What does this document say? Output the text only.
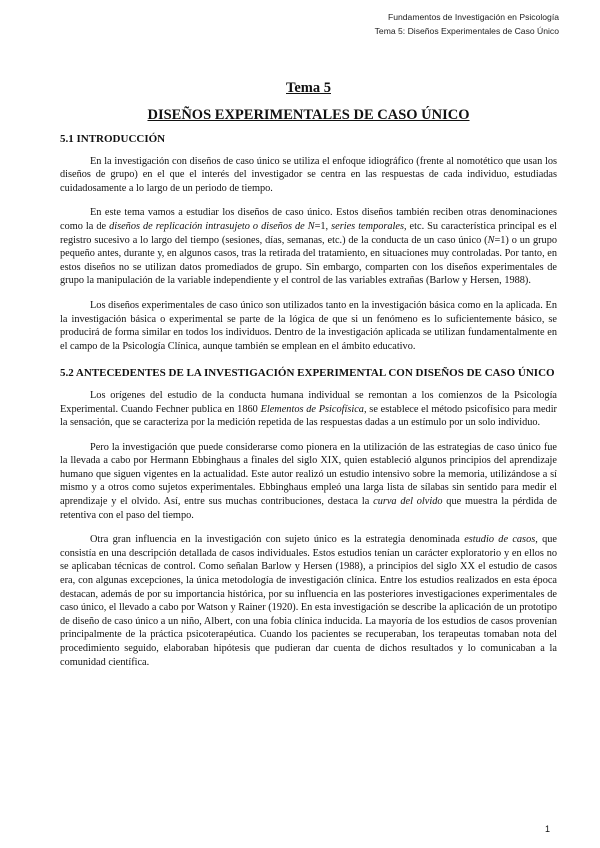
Fundamentos de Investigación en Psicología
Tema 5: Diseños Experimentales de Caso Único
Tema 5
DISEÑOS EXPERIMENTALES DE CASO ÚNICO
5.1 INTRODUCCIÓN

En la investigación con diseños de caso único se utiliza el enfoque idiográfico (frente al nomotético que usan los diseños de grupo) en el que el interés del investigador se centra en las respuestas de cada individuo, estudiadas cuidadosamente a lo largo de un periodo de tiempo.

En este tema vamos a estudiar los diseños de caso único. Estos diseños también reciben otras denominaciones como la de diseños de replicación intrasujeto o diseños de N=1, series temporales, etc. Su característica principal es el registro sucesivo a lo largo del tiempo (sesiones, días, semanas, etc.) de la conducta de un caso único (N=1) o un grupo pequeño antes, durante y, en algunos casos, tras la retirada del tratamiento, en situaciones muy controladas. Por tanto, en estos diseños no se utilizan datos promediados de grupo. Sin embargo, comparten con los diseños experimentales de grupo la manipulación de la variable independiente y el control de las variables extrañas (Barlow y Hersen, 1988).

Los diseños experimentales de caso único son utilizados tanto en la investigación básica como en la aplicada. En la investigación básica o experimental se parte de la lógica de que si un fenómeno es lo suficientemente básico, se producirá de forma similar en todos los individuos. Dentro de la investigación aplicada se utilizan fundamentalmente en el campo de la Psicología Clínica, aunque también se emplean en el ámbito educativo.

5.2 ANTECEDENTES DE LA INVESTIGACIÓN EXPERIMENTAL CON DISEÑOS DE CASO ÚNICO

Los orígenes del estudio de la conducta humana individual se remontan a los comienzos de la Psicología Experimental. Cuando Fechner publica en 1860 Elementos de Psicofísica, se establece el método psicofísico para medir la sensación, que se caracteriza por la medición repetida de las respuestas dadas a un estímulo por un solo individuo.

Pero la investigación que puede considerarse como pionera en la utilización de las estrategias de caso único fue la llevada a cabo por Hermann Ebbinghaus a finales del siglo XIX, quien estableció algunos principios del aprendizaje humano que siguen vigentes en la actualidad. Este autor realizó un estudio intensivo sobre la memoria, utilizándose a sí mismo y a otros como sujetos experimentales. Ebbinghaus empleó una larga lista de sílabas sin sentido para medir el aprendizaje y el olvido. Así, entre sus muchas contribuciones, destaca la curva del olvido que muestra la pérdida de retentiva con el paso del tiempo.

Otra gran influencia en la investigación con sujeto único es la estrategia denominada estudio de casos, que consistía en una descripción detallada de casos individuales. Estos estudios tenían un carácter exploratorio y en ellos no se aplicaban técnicas de control. Como señalan Barlow y Hersen (1988), a principios del siglo XX el estudio de casos era, con algunas excepciones, la única metodología de investigación clínica. Entre los estudios realizados en esta época destacan, además de por su importancia histórica, por su influencia en las posteriores investigaciones experimentales de caso único, el llevado a cabo por Watson y Rainer (1920). En esta investigación se describe la aplicación de un prototipo de diseño de caso único a un niño, Albert, con una fobia clínica inducida. La mayoría de los estudios de casos provenían principalmente de la práctica psicoterapéutica. Cuando los pacientes se recuperaban, los terapeutas tomaban nota del procedimiento seguido, elaboraban hipótesis que pudieran dar cuenta de dichos resultados y lo comunicaban a la comunidad científica.

1
